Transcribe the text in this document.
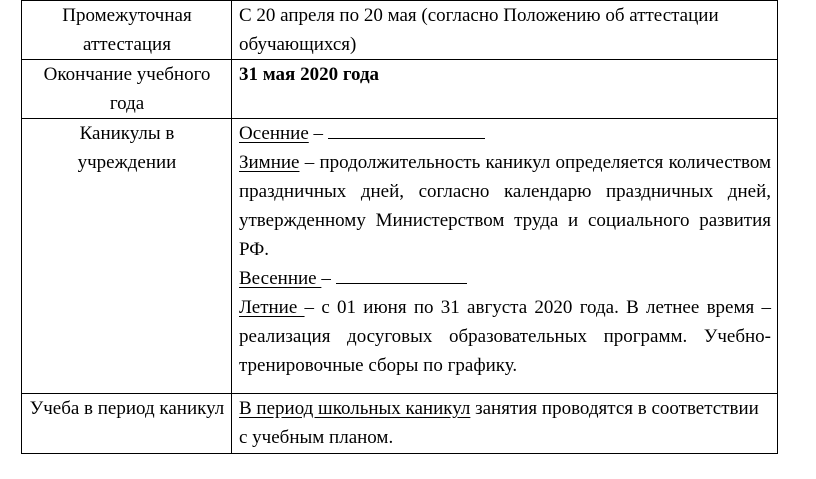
Промежуточная аттестация	С 20 апреля по 20 мая (согласно Положению об аттестации обучающихся)
Окончание учебного года	31 мая 2020 года
Каникулы в учреждении	Осенние –
Зимние – продолжительность каникул определяется количеством праздничных дней, согласно календарю праздничных дней, утвержденному Министерством труда и социального развития РФ.
Весенние –
Летние – с 01 июня по 31 августа 2020 года. В летнее время – реализация досуговых образовательных программ. Учебно-тренировочные сборы по графику.

Учеба в период каникул	В период школьных каникул занятия проводятся в соответствии с учебным планом.
